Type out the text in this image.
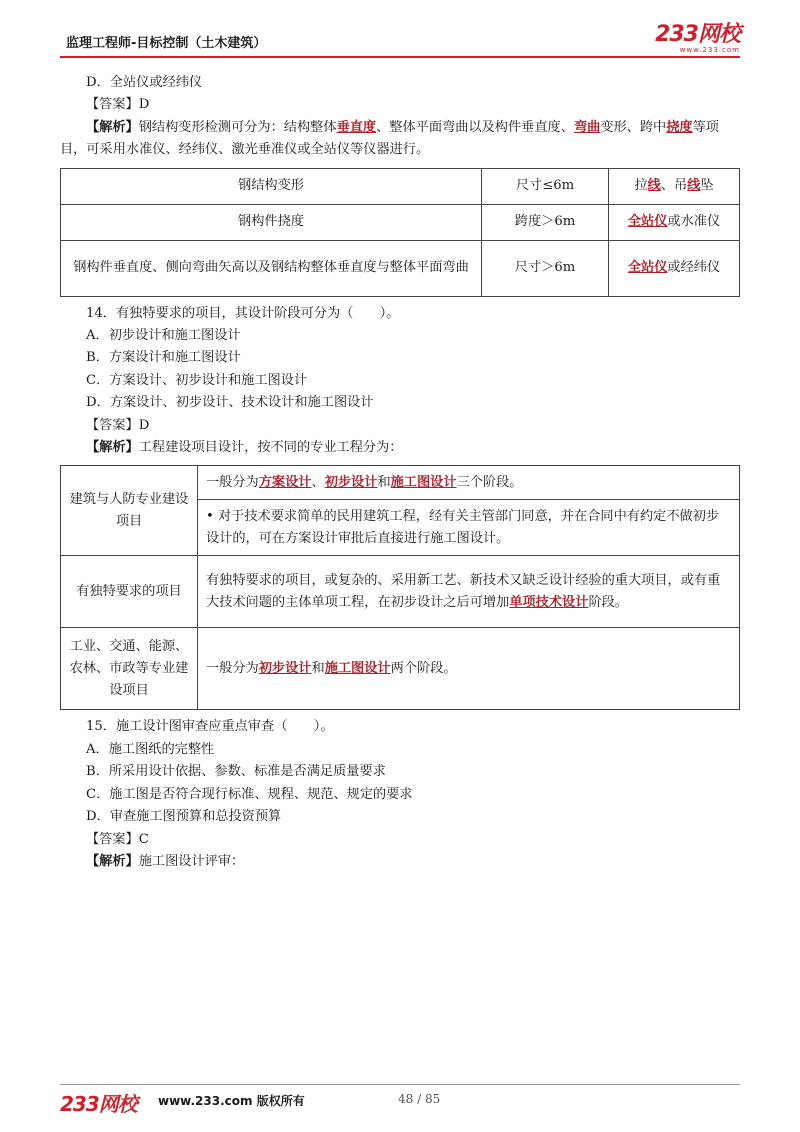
监理工程师-目标控制（土木建筑）	233网校
www.233.com
D．全站仪或经纬仪
【答案】D
【解析】钢结构变形检测可分为：结构整体垂直度、整体平面弯曲以及构件垂直度、弯曲变形、跨中挠度等项目，可采用水准仪、经纬仪、激光垂准仪或全站仪等仪器进行。
钢结构变形	尺寸≤6m	拉线、吊线坠
钢构件挠度	跨度＞6m	全站仪或水准仪
钢构件垂直度、侧向弯曲矢高以及钢结构整体垂直度与整体平面弯曲	尺寸＞6m	全站仪或经纬仪
14．有独特要求的项目，其设计阶段可分为（　　）。
A．初步设计和施工图设计
B．方案设计和施工图设计
C．方案设计、初步设计和施工图设计
D．方案设计、初步设计、技术设计和施工图设计
【答案】D
【解析】工程建设项目设计，按不同的专业工程分为：
建筑与人防专业建设项目	一般分为方案设计、初步设计和施工图设计三个阶段。
	• 对于技术要求简单的民用建筑工程，经有关主管部门同意，并在合同中有约定不做初步设计的，可在方案设计审批后直接进行施工图设计。
有独特要求的项目	有独特要求的项目，或复杂的、采用新工艺、新技术又缺乏设计经验的重大项目，或有重大技术问题的主体单项工程，在初步设计之后可增加单项技术设计阶段。
工业、交通、能源、农林、市政等专业建设项目	一般分为初步设计和施工图设计两个阶段。
15．施工设计图审查应重点审查（　　）。
A．施工图纸的完整性
B．所采用设计依据、参数、标准是否满足质量要求
C．施工图是否符合现行标准、规程、规范、规定的要求
D．审查施工图预算和总投资预算
【答案】C
【解析】施工图设计评审：
233网校 www.233.com 版权所有	48 / 85
